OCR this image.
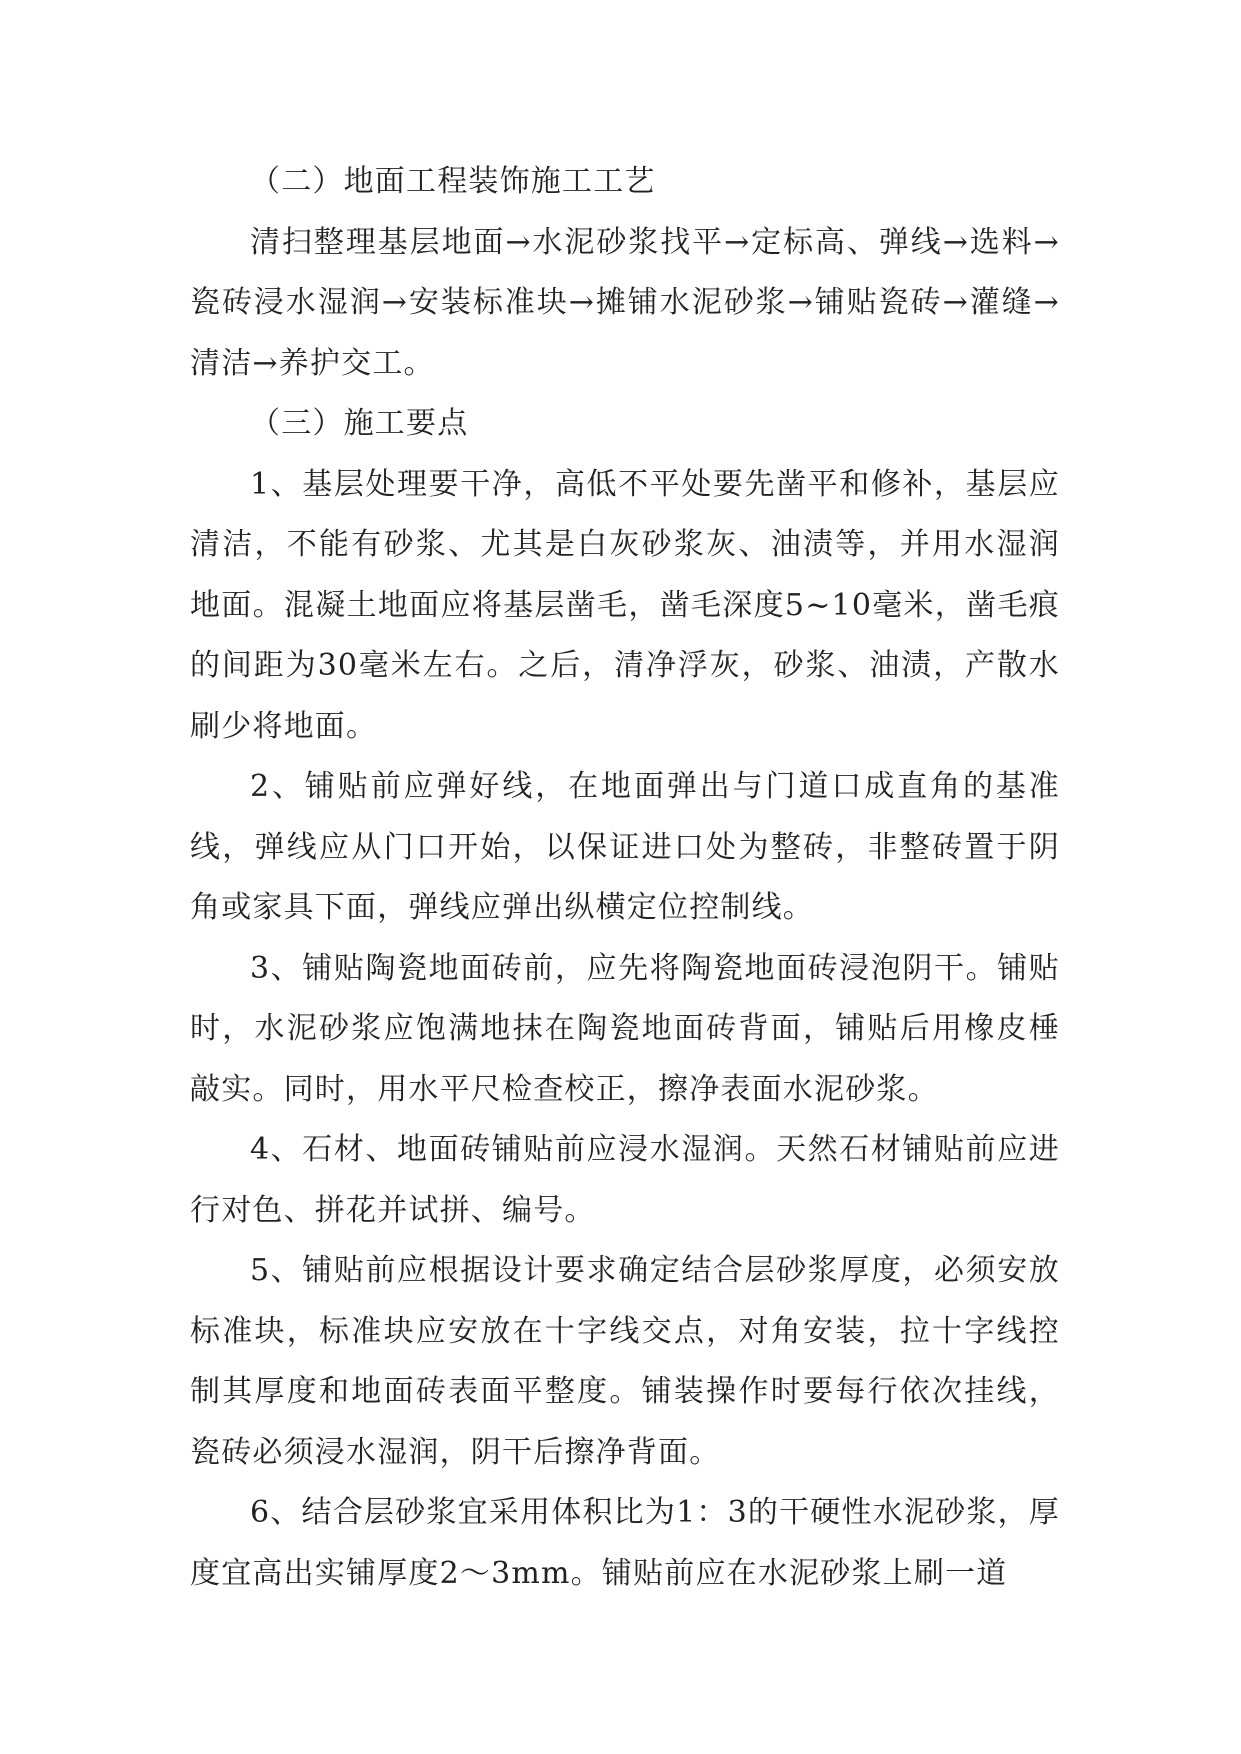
（二）地面工程装饰施工工艺

清扫整理基层地面→水泥砂浆找平→定标高、弹线→选料→瓷砖浸水湿润→安装标准块→摊铺水泥砂浆→铺贴瓷砖→灌缝→清洁→养护交工。

（三）施工要点

1、基层处理要干净，高低不平处要先凿平和修补，基层应清洁，不能有砂浆、尤其是白灰砂浆灰、油渍等，并用水湿润地面。混凝土地面应将基层凿毛，凿毛深度5~10毫米，凿毛痕的间距为30毫米左右。之后，清净浮灰，砂浆、油渍，产散水刷少将地面。

2、铺贴前应弹好线，在地面弹出与门道口成直角的基准线，弹线应从门口开始，以保证进口处为整砖，非整砖置于阴角或家具下面，弹线应弹出纵横定位控制线。

3、铺贴陶瓷地面砖前，应先将陶瓷地面砖浸泡阴干。铺贴时，水泥砂浆应饱满地抹在陶瓷地面砖背面，铺贴后用橡皮棰敲实。同时，用水平尺检查校正，擦净表面水泥砂浆。

4、石材、地面砖铺贴前应浸水湿润。天然石材铺贴前应进行对色、拼花并试拼、编号。

5、铺贴前应根据设计要求确定结合层砂浆厚度，必须安放标准块，标准块应安放在十字线交点，对角安装，拉十字线控制其厚度和地面砖表面平整度。铺装操作时要每行依次挂线，瓷砖必须浸水湿润，阴干后擦净背面。

6、结合层砂浆宜采用体积比为1：3的干硬性水泥砂浆，厚度宜高出实铺厚度2～3mm。铺贴前应在水泥砂浆上刷一道
